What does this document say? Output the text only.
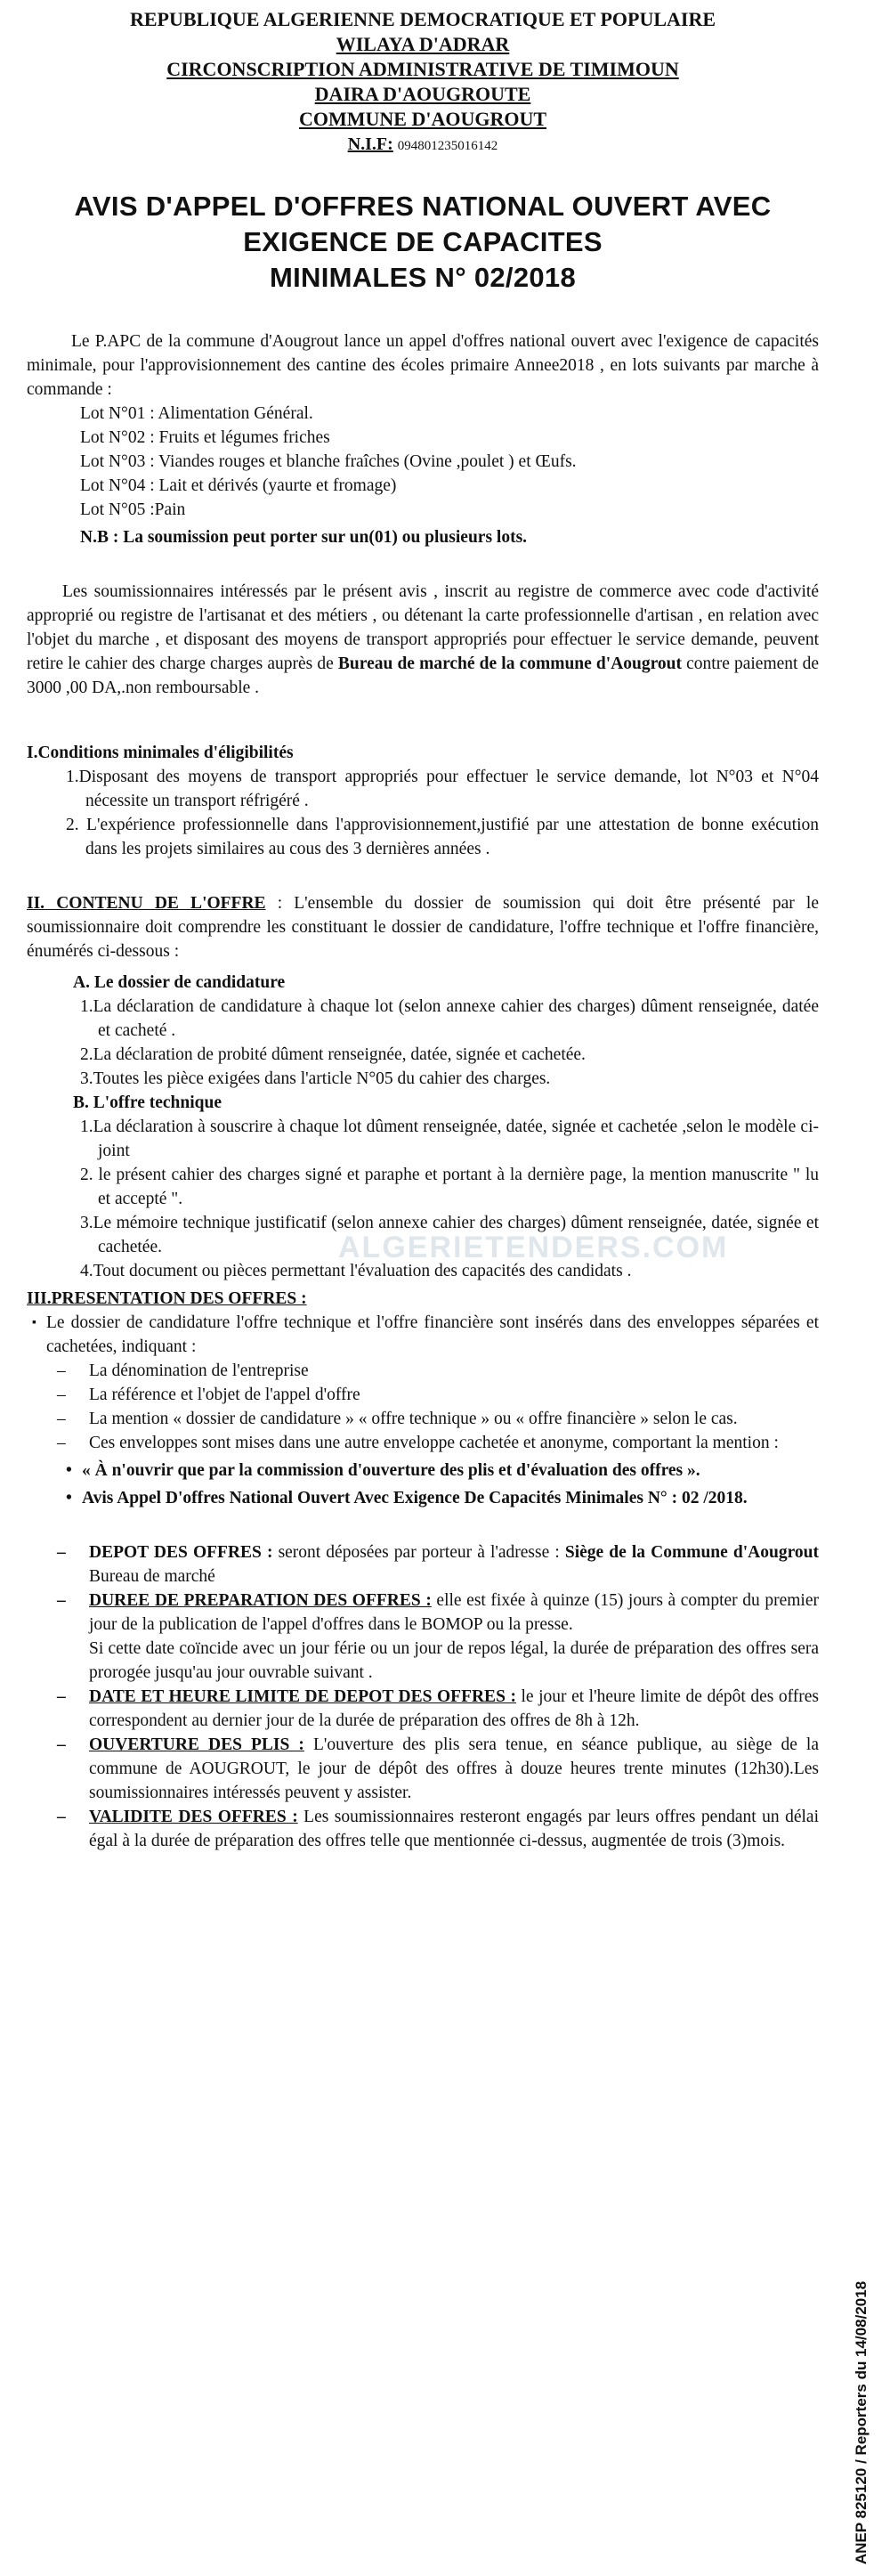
REPUBLIQUE ALGERIENNE DEMOCRATIQUE ET POPULAIRE
WILAYA D'ADRAR
CIRCONSCRIPTION ADMINISTRATIVE DE TIMIMOUN
DAIRA D'AOUGROUTE
COMMUNE D'AOUGROUT
N.I.F: 094801235016142
AVIS D'APPEL D'OFFRES NATIONAL OUVERT AVEC EXIGENCE DE CAPACITES
MINIMALES N° 02/2018

Le P.APC de la commune d'Aougrout lance un appel d'offres national ouvert avec l'exigence de capacités minimale, pour l'approvisionnement des cantine des écoles primaire Annee2018 , en lots suivants par marche à commande :

Lot N°01 : Alimentation Général.
Lot N°02 : Fruits et légumes friches
Lot N°03 : Viandes rouges et blanche fraîches (Ovine ,poulet ) et Œufs.
Lot N°04 : Lait et dérivés (yaurte et fromage)
Lot N°05 :Pain

N.B : La soumission peut porter sur un(01) ou plusieurs lots.

Les soumissionnaires intéressés par le présent avis , inscrit au registre de commerce avec code d'activité approprié ou registre de l'artisanat et des métiers , ou détenant la carte professionnelle d'artisan , en relation avec l'objet du marche , et disposant des moyens de transport appropriés pour effectuer le service demande, peuvent retire le cahier des charge charges auprès de Bureau de marché de la commune d'Aougrout contre paiement de 3000 ,00 DA,.non remboursable .

I.Conditions minimales d'éligibilités

1.Disposant des moyens de transport appropriés pour effectuer le service demande, lot N°03 et N°04 nécessite un transport réfrigéré .

2. L'expérience professionnelle dans l'approvisionnement,justifié par une attestation de bonne exécution dans les projets similaires au cous des 3 dernières années .

II. CONTENU DE L'OFFRE : L'ensemble du dossier de soumission qui doit être présenté par le soumissionnaire doit comprendre les constituant le dossier de candidature, l'offre technique et l'offre financière, énumérés ci-dessous :

A. Le dossier de candidature

1.La déclaration de candidature à chaque lot (selon annexe cahier des charges) dûment renseignée, datée et cacheté .

2.La déclaration de probité dûment renseignée, datée, signée et cachetée.

3.Toutes les pièce exigées dans l'article N°05 du cahier des charges.

B. L'offre technique

1.La déclaration à souscrire à chaque lot dûment renseignée, datée, signée et cachetée ,selon le modèle ci-joint

2. le présent cahier des charges signé et paraphe et portant à la dernière page, la mention manuscrite " lu et accepté ".

3.Le mémoire technique justificatif (selon annexe cahier des charges) dûment renseignée, datée, signée et cachetée.

4.Tout document ou pièces permettant l'évaluation des capacités des candidats .

III.PRESENTATION DES OFFRES :

▪ Le dossier de candidature l'offre technique et l'offre financière sont insérés dans des enveloppes séparées et cachetées, indiquant :

– La dénomination de l'entreprise

– La référence et l'objet de l'appel d'offre

– La mention « dossier de candidature » « offre technique » ou « offre financière » selon le cas.

– Ces enveloppes sont mises dans une autre enveloppe cachetée et anonyme, comportant la mention :

• « À n'ouvrir que par la commission d'ouverture des plis et d'évaluation des offres ».

• Avis Appel D'offres National Ouvert Avec Exigence De Capacités Minimales N° : 02 /2018.

– DEPOT DES OFFRES : seront déposées par porteur à l'adresse : Siège de la Commune d'Aougrout Bureau de marché

– DUREE DE PREPARATION DES OFFRES : elle est fixée à quinze (15) jours à compter du premier jour de la publication de l'appel d'offres dans le BOMOP ou la presse.

Si cette date coïncide avec un jour férie ou un jour de repos légal, la durée de préparation des offres sera prorogée jusqu'au jour ouvrable suivant .

– DATE ET HEURE LIMITE DE DEPOT DES OFFRES : le jour et l'heure limite de dépôt des offres correspondent au dernier jour de la durée de préparation des offres de 8h à 12h.

– OUVERTURE DES PLIS : L'ouverture des plis sera tenue, en séance publique, au siège de la commune de AOUGROUT, le jour de dépôt des offres à douze heures trente minutes (12h30).Les soumissionnaires intéressés peuvent y assister.

– VALIDITE DES OFFRES : Les soumissionnaires resteront engagés par leurs offres pendant un délai égal à la durée de préparation des offres telle que mentionnée ci-dessus, augmentée de trois (3)mois.

ALGERIETENDERS.COM
ANEP 825120 / Reporters du 14/08/2018
